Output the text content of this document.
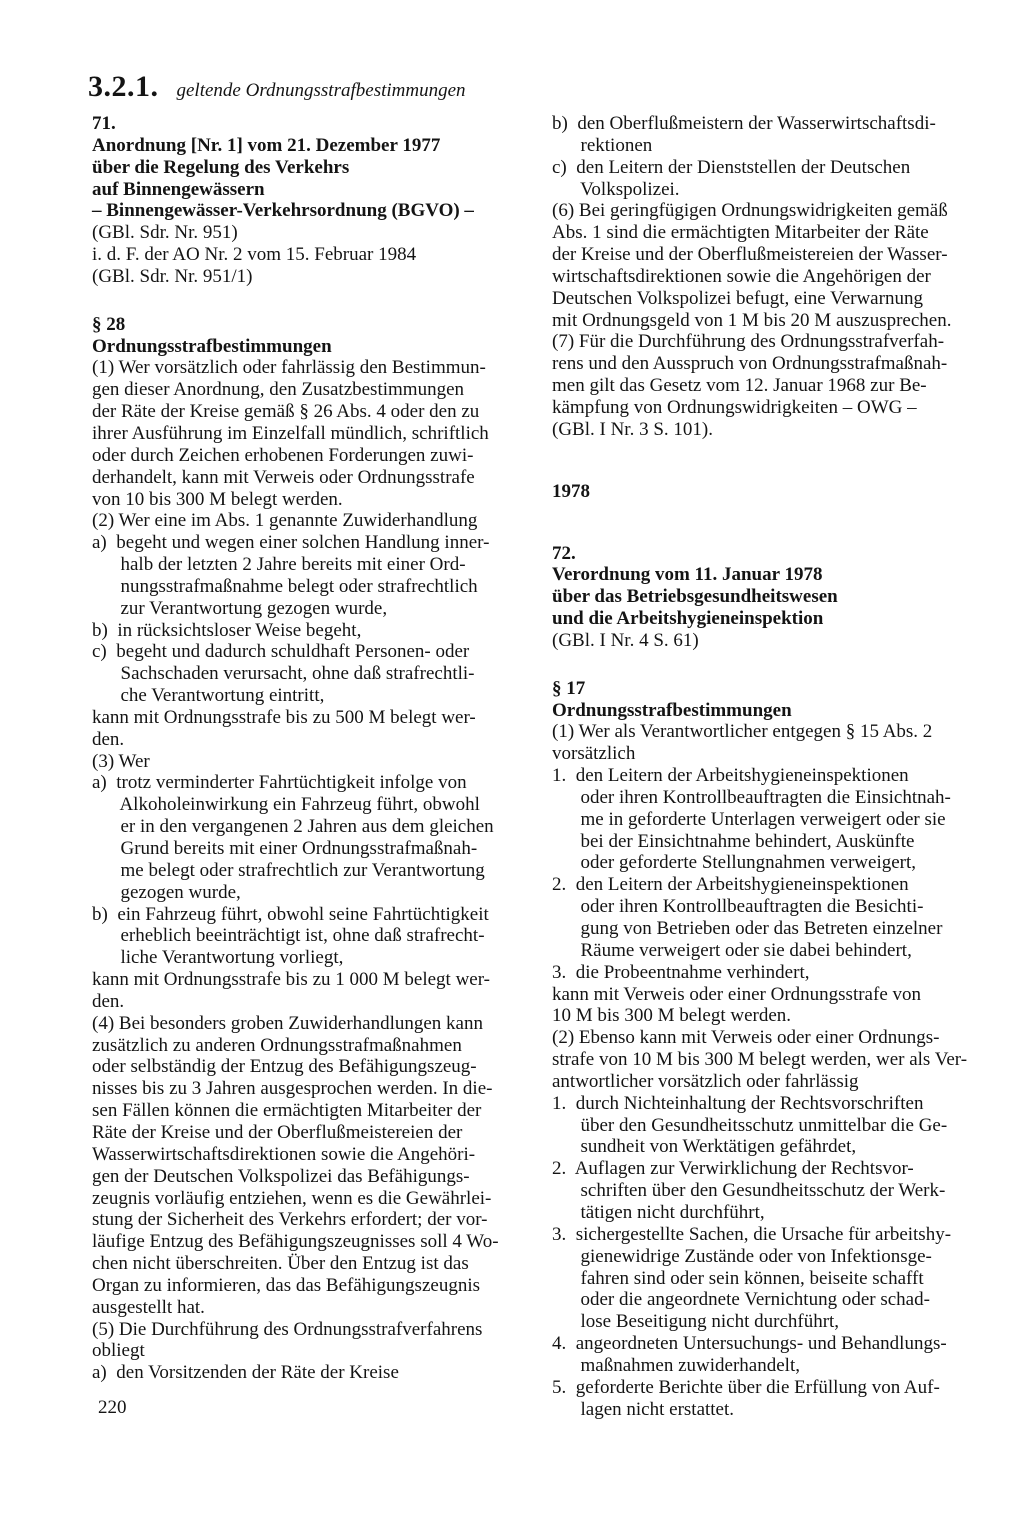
3.2.1. geltende Ordnungsstrafbestimmungen
71.
Anordnung [Nr. 1] vom 21. Dezember 1977
über die Regelung des Verkehrs
auf Binnengewässern
– Binnengewässer-Verkehrsordnung (BGVO) –
(GBl. Sdr. Nr. 951)
i. d. F. der AO Nr. 2 vom 15. Februar 1984
(GBl. Sdr. Nr. 951/1)
§ 28
Ordnungsstrafbestimmungen
(1) Wer vorsätzlich oder fahrlässig den Bestimmun-
gen dieser Anordnung, den Zusatzbestimmungen
der Räte der Kreise gemäß § 26 Abs. 4 oder den zu
ihrer Ausführung im Einzelfall mündlich, schriftlich
oder durch Zeichen erhobenen Forderungen zuwi-
derhandelt, kann mit Verweis oder Ordnungsstrafe
von 10 bis 300 M belegt werden.
(2) Wer eine im Abs. 1 genannte Zuwiderhandlung
a)  begeht und wegen einer solchen Handlung inner-
halb der letzten 2 Jahre bereits mit einer Ord-
nungsstrafmaßnahme belegt oder strafrechtlich
zur Verantwortung gezogen wurde,
b)  in rücksichtsloser Weise begeht,
c)  begeht und dadurch schuldhaft Personen- oder
Sachschaden verursacht, ohne daß strafrechtli-
che Verantwortung eintritt,
kann mit Ordnungsstrafe bis zu 500 M belegt wer-
den.
(3) Wer
a)  trotz verminderter Fahrtüchtigkeit infolge von
Alkoholeinwirkung ein Fahrzeug führt, obwohl
er in den vergangenen 2 Jahren aus dem gleichen
Grund bereits mit einer Ordnungsstrafmaßnah-
me belegt oder strafrechtlich zur Verantwortung
gezogen wurde,
b)  ein Fahrzeug führt, obwohl seine Fahrtüchtigkeit
erheblich beeinträchtigt ist, ohne daß strafrecht-
liche Verantwortung vorliegt,
kann mit Ordnungsstrafe bis zu 1 000 M belegt wer-
den.
(4) Bei besonders groben Zuwiderhandlungen kann
zusätzlich zu anderen Ordnungsstrafmaßnahmen
oder selbständig der Entzug des Befähigungszeug-
nisses bis zu 3 Jahren ausgesprochen werden. In die-
sen Fällen können die ermächtigten Mitarbeiter der
Räte der Kreise und der Oberflußmeistereien der
Wasserwirtschaftsdirektionen sowie die Angehöri-
gen der Deutschen Volkspolizei das Befähigungs-
zeugnis vorläufig entziehen, wenn es die Gewährlei-
stung der Sicherheit des Verkehrs erfordert; der vor-
läufige Entzug des Befähigungszeugnisses soll 4 Wo-
chen nicht überschreiten. Über den Entzug ist das
Organ zu informieren, das das Befähigungszeugnis
ausgestellt hat.
(5) Die Durchführung des Ordnungsstrafverfahrens
obliegt
a)  den Vorsitzenden der Räte der Kreise
b)  den Oberflußmeistern der Wasserwirtschaftsdi-
rektionen
c)  den Leitern der Dienststellen der Deutschen
Volkspolizei.
(6) Bei geringfügigen Ordnungswidrigkeiten gemäß
Abs. 1 sind die ermächtigten Mitarbeiter der Räte
der Kreise und der Oberflußmeistereien der Wasser-
wirtschaftsdirektionen sowie die Angehörigen der
Deutschen Volkspolizei befugt, eine Verwarnung
mit Ordnungsgeld von 1 M bis 20 M auszusprechen.
(7) Für die Durchführung des Ordnungsstrafverfah-
rens und den Ausspruch von Ordnungsstrafmaßnah-
men gilt das Gesetz vom 12. Januar 1968 zur Be-
kämpfung von Ordnungswidrigkeiten – OWG –
(GBl. I Nr. 3 S. 101).
1978
72.
Verordnung vom 11. Januar 1978
über das Betriebsgesundheitswesen
und die Arbeitshygieneinspektion
(GBl. I Nr. 4 S. 61)
§ 17
Ordnungsstrafbestimmungen
(1) Wer als Verantwortlicher entgegen § 15 Abs. 2
vorsätzlich
1.  den Leitern der Arbeitshygieneinspektionen
oder ihren Kontrollbeauftragten die Einsichtnah-
me in geforderte Unterlagen verweigert oder sie
bei der Einsichtnahme behindert, Auskünfte
oder geforderte Stellungnahmen verweigert,
2.  den Leitern der Arbeitshygieneinspektionen
oder ihren Kontrollbeauftragten die Besichti-
gung von Betrieben oder das Betreten einzelner
Räume verweigert oder sie dabei behindert,
3.  die Probeentnahme verhindert,
kann mit Verweis oder einer Ordnungsstrafe von
10 M bis 300 M belegt werden.
(2) Ebenso kann mit Verweis oder einer Ordnungs-
strafe von 10 M bis 300 M belegt werden, wer als Ver-
antwortlicher vorsätzlich oder fahrlässig
1.  durch Nichteinhaltung der Rechtsvorschriften
über den Gesundheitsschutz unmittelbar die Ge-
sundheit von Werktätigen gefährdet,
2.  Auflagen zur Verwirklichung der Rechtsvor-
schriften über den Gesundheitsschutz der Werk-
tätigen nicht durchführt,
3.  sichergestellte Sachen, die Ursache für arbeitshy-
gienewidrige Zustände oder von Infektionsge-
fahren sind oder sein können, beiseite schafft
oder die angeordnete Vernichtung oder schad-
lose Beseitigung nicht durchführt,
4.  angeordneten Untersuchungs- und Behandlungs-
maßnahmen zuwiderhandelt,
5.  geforderte Berichte über die Erfüllung von Auf-
lagen nicht erstattet.
220
